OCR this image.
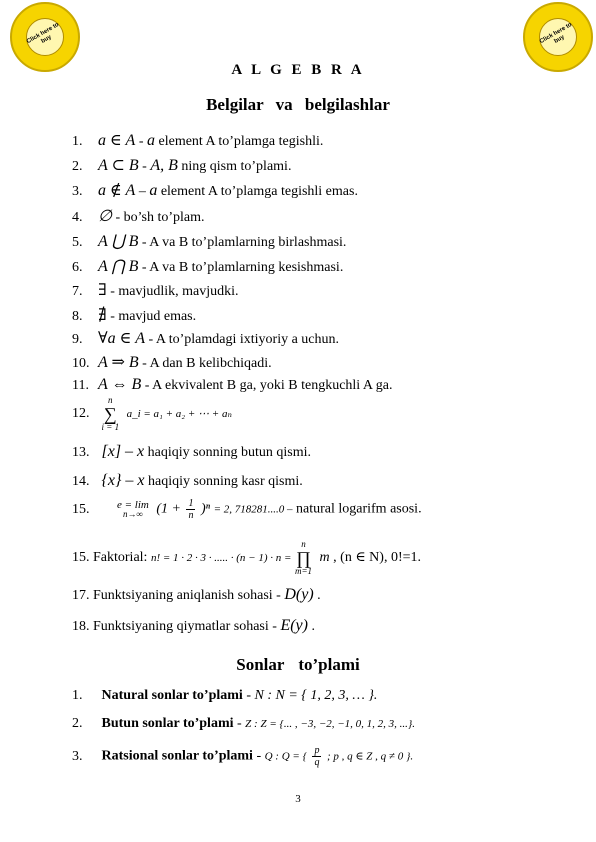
Click here to buy	Click here to buy
A L G E B R A
Belgilar va belgilashlar
1. a ∈ A - a element A to’plamga tegishli.
2. A ⊂ B - A, B ning qism to’plami.
3. a ∉ A – a element A to’plamga tegishli emas.
4. ∅ - bo’sh to’plam.
5. A ⋃ B - A va B to’plamlarning birlashmasi.
6. A ⋂ B - A va B to’plamlarning kesishmasi.
7. ∃ - mavjudlik, mavjudki.
8. ∄ - mavjud emas.
9. ∀a ∈ A - A to’plamdagi ixtiyoriy a uchun.
10. A ⇒ B - A dan B kelibchiqadi.
11. A ⇔ B - A ekvivalent B ga, yoki B tengkuchli A ga.
12.
n
∑
i = 1
a_i = a₁ + a₂ + ⋯ + aₙ
13. [x] – x haqiqiy sonning butun qismi.
14. {x} – x haqiqiy sonning kasr qismi.
15.	e = lim
n→∞ $(1 + \frac{1}{n} )^n = 2$, 718281....0 – natural logarifm asosi.
15. Faktorial: n! = 1 · 2 · 3 · ..... · (n − 1) · n =
n
∏
m=1
m , (n ∈ N), 0!=1.
17. Funktsiyaning aniqlanish sohasi - D(y) .
18. Funktsiyaning qiymatlar sohasi - E(y) .
Sonlar to’plami
1. Natural sonlar to’plami - N : N = { 1, 2, 3, … }.
2. Butun sonlar to’plami - Z : Z = {... , −3, −2, −1, 0, 1, 2, 3, ...}.
3. Ratsional sonlar to’plami - Q : Q = { $\frac{p}{q}$ ; p , q ∈ Z , q ≠ 0 }.
3
